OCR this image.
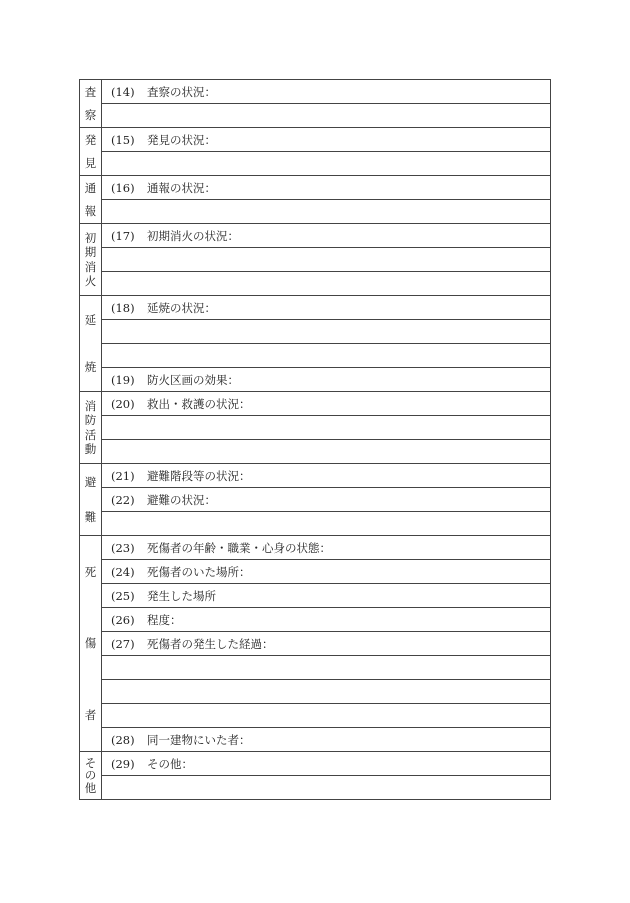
査
察	(14) 査察の状況：

発
見	(15) 発見の状況：

通
報	(16) 通報の状況：

初
期
消
火	(17) 初期消火の状況：

延
焼	(18) 延焼の状況：

	(19) 防火区画の効果：

消
防
活
動	(20) 救出・救護の状況：

避
難	(21) 避難階段等の状況：
	(22) 避難の状況：

死
傷
者	(23) 死傷者の年齢・職業・心身の状態：
	(24) 死傷者のいた場所：
	(25) 発生した場所
	(26) 程度：
	(27) 死傷者の発生した経過：

	(28) 同一建物にいた者：

そ
の
他	(29) その他：
